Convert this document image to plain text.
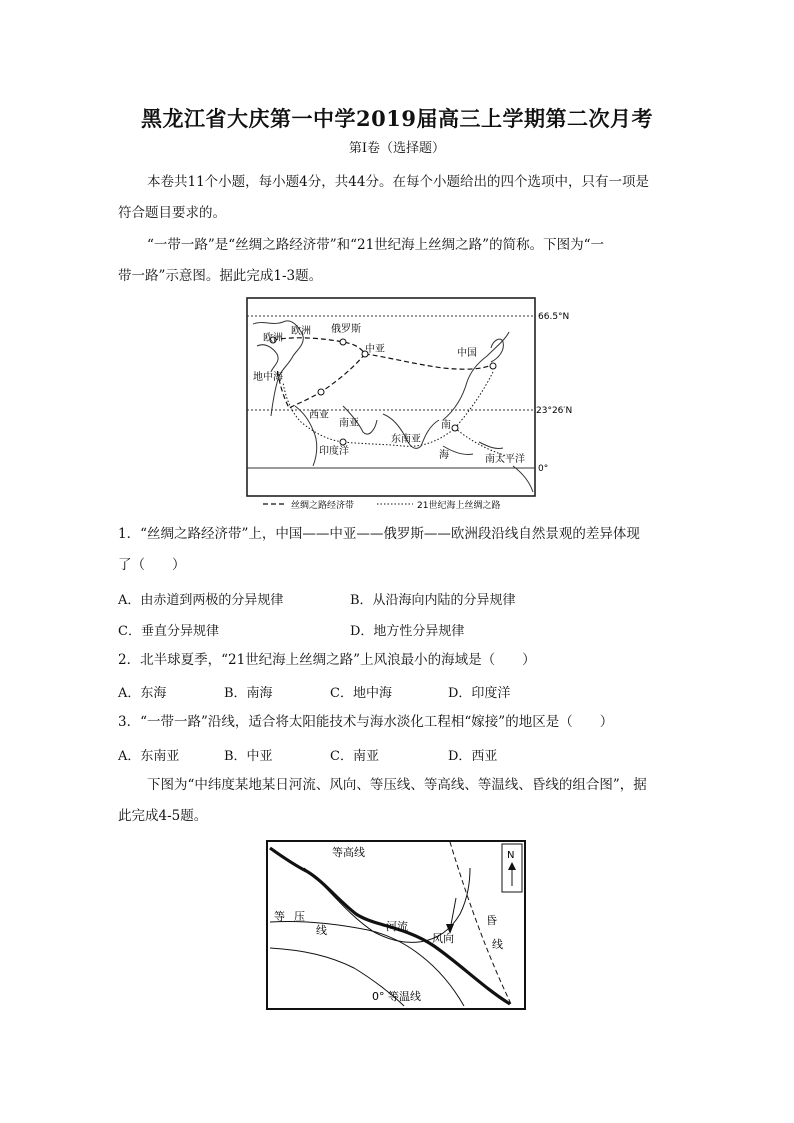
黑龙江省大庆第一中学2019届高三上学期第二次月考
第Ⅰ卷（选择题）
本卷共11个小题，每小题4分，共44分。在每个小题给出的四个选项中，只有一项是
符合题目要求的。
“一带一路”是“丝绸之路经济带”和“21世纪海上丝绸之路”的简称。下图为“一
带一路”示意图。据此完成1-3题。
欧洲
欧洲 俄罗斯
中亚	中国
地中海
西亚
南亚
东南亚
南
海
印度洋
南太平洋
66.5°N
23°26′N
0°
丝绸之路经济带	21世纪海上丝绸之路
1．“丝绸之路经济带”上，中国——中亚——俄罗斯——欧洲段沿线自然景观的差异体现
了（　　）
A．由赤道到两极的分异规律	B．从沿海向内陆的分异规律
C．垂直分异规律	D．地方性分异规律
2．北半球夏季，“21世纪海上丝绸之路”上风浪最小的海域是（　　）
A．东海	B．南海	C．地中海	D．印度洋
3．“一带一路”沿线，适合将太阳能技术与海水淡化工程相“嫁接”的地区是（　　）
A．东南亚	B．中亚	C．南亚	D．西亚
下图为“中纬度某地某日河流、风向、等压线、等高线、等温线、昏线的组合图”，据
此完成4-5题。
N
等高线
等 压
线	河流
风向
昏
线
0° 等温线
